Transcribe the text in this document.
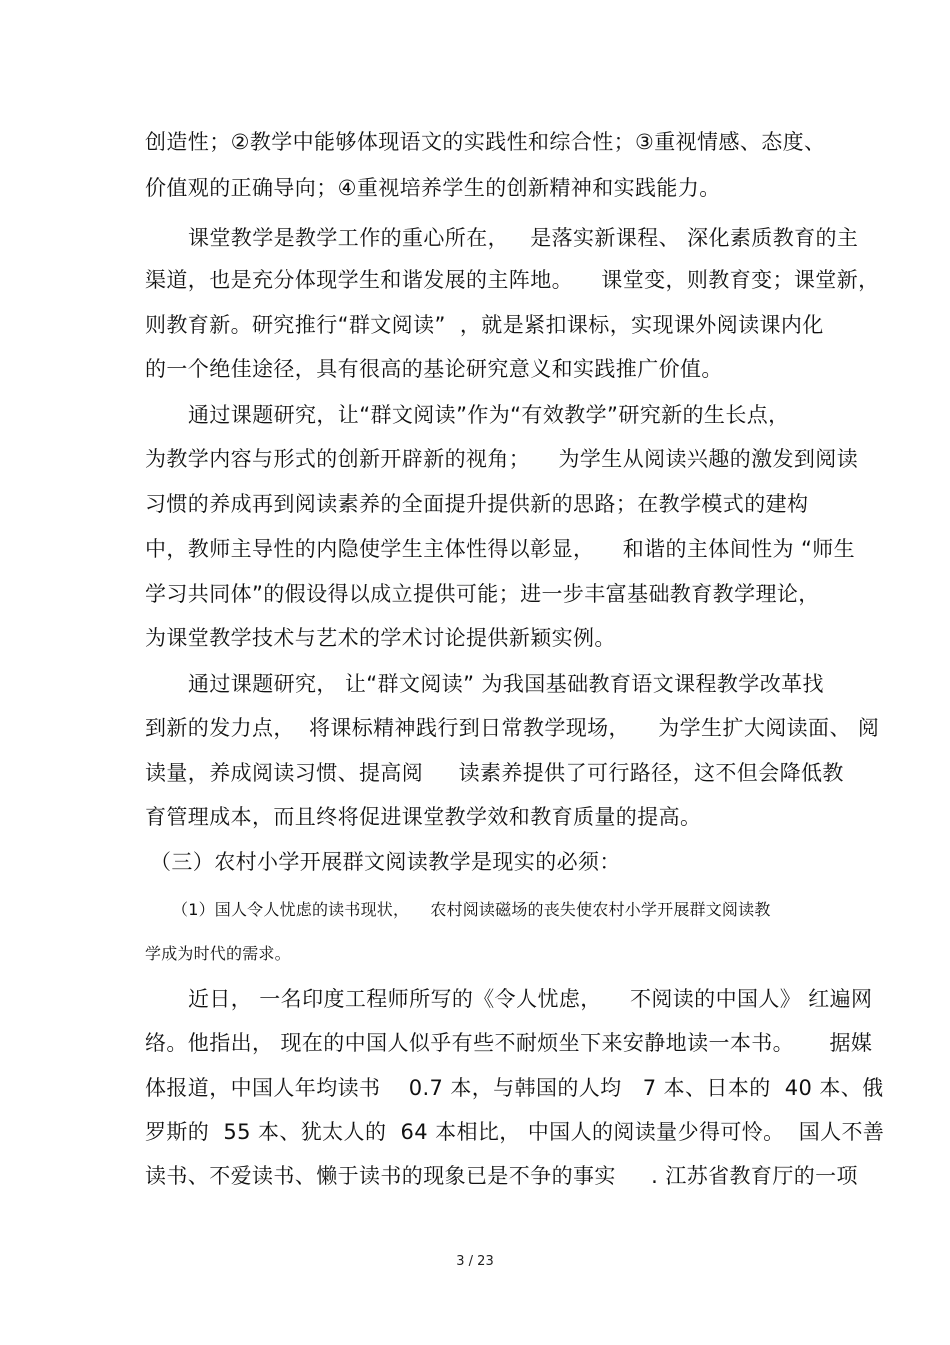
创造性；②教学中能够体现语文的实践性和综合性；③重视情感、态度、
价值观的正确导向；④重视培养学生的创新精神和实践能力。
课堂教学是教学工作的重心所在，   是落实新课程、 深化素质教育的主
渠道，也是充分体现学生和谐发展的主阵地。    课堂变，则教育变；课堂新，
则教育新。研究推行“群文阅读”  ，就是紧扣课标，实现课外阅读课内化
的一个绝佳途径，具有很高的基论研究意义和实践推广价值。
通过课题研究，让“群文阅读”作为“有效教学”研究新的生长点，
为教学内容与形式的创新开辟新的视角；    为学生从阅读兴趣的激发到阅读
习惯的养成再到阅读素养的全面提升提供新的思路；在教学模式的建构
中，教师主导性的内隐使学生主体性得以彰显，    和谐的主体间性为 “师生
学习共同体”的假设得以成立提供可能；进一步丰富基础教育教学理论，
为课堂教学技术与艺术的学术讨论提供新颖实例。
通过课题研究， 让“群文阅读” 为我国基础教育语文课程教学改革找
到新的发力点，  将课标精神践行到日常教学现场，    为学生扩大阅读面、 阅
读量，养成阅读习惯、提高阅     读素养提供了可行路径，这不但会降低教
育管理成本，而且终将促进课堂教学效和教育质量的提高。
（三）农村小学开展群文阅读教学是现实的必须：
（1）国人令人忧虑的读书现状，    农村阅读磁场的丧失使农村小学开展群文阅读教
学成为时代的需求。
近日， 一名印度工程师所写的《令人忧虑，    不阅读的中国人》 红遍网
络。他指出， 现在的中国人似乎有些不耐烦坐下来安静地读一本书。     据媒
体报道，中国人年均读书    0.7 本，与韩国的人均   7 本、日本的  40 本、俄
罗斯的  55 本、犹太人的  64 本相比， 中国人的阅读量少得可怜。  国人不善
读书、不爱读书、懒于读书的现象已是不争的事实     . 江苏省教育厅的一项
3 / 23
